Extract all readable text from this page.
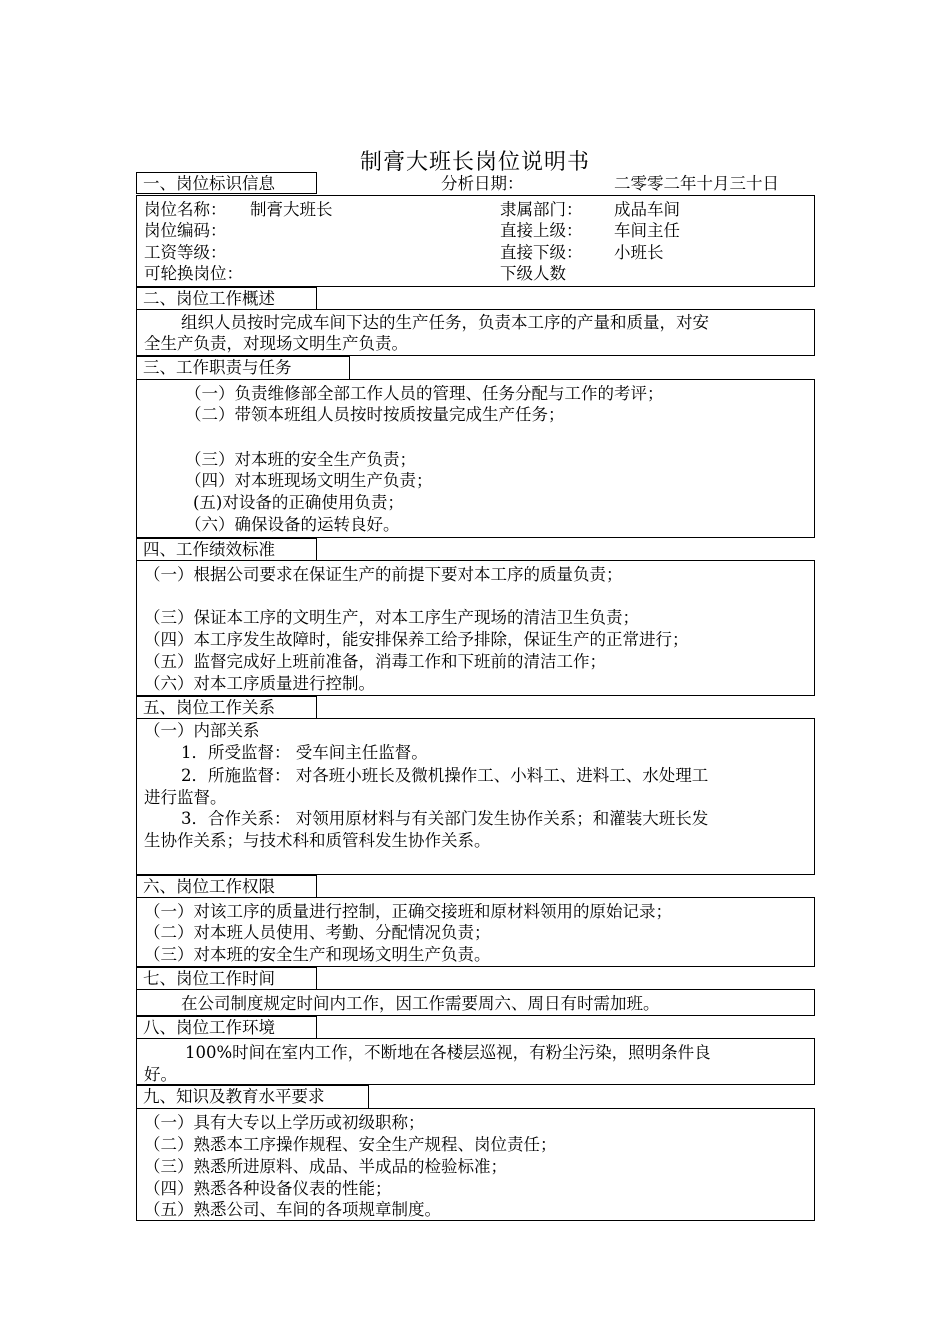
制膏大班长岗位说明书
一、岗位标识信息	分析日期：	二零零二年十月三十日
岗位名称： 制膏大班长	隶属部门： 成品车间
岗位编码：	直接上级： 车间主任
工资等级：	直接下级： 小班长
可轮换岗位：	下级人数
二、岗位工作概述
组织人员按时完成车间下达的生产任务，负责本工序的产量和质量，对安
全生产负责，对现场文明生产负责。
三、工作职责与任务
（一）负责维修部全部工作人员的管理、任务分配与工作的考评；
（二）带领本班组人员按时按质按量完成生产任务；
（三）对本班的安全生产负责；
（四）对本班现场文明生产负责；
(五)对设备的正确使用负责；
（六）确保设备的运转良好。
四、工作绩效标准
（一）根据公司要求在保证生产的前提下要对本工序的质量负责；
（三）保证本工序的文明生产，对本工序生产现场的清洁卫生负责；
（四）本工序发生故障时，能安排保养工给予排除，保证生产的正常进行；
（五）监督完成好上班前准备，消毒工作和下班前的清洁工作；
（六）对本工序质量进行控制。
五、岗位工作关系
（一）内部关系
1．所受监督： 受车间主任监督。
2．所施监督： 对各班小班长及微机操作工、小料工、进料工、水处理工
进行监督。
3．合作关系： 对领用原材料与有关部门发生协作关系；和灌装大班长发
生协作关系；与技术科和质管科发生协作关系。
六、岗位工作权限
（一）对该工序的质量进行控制，正确交接班和原材料领用的原始记录；
（二）对本班人员使用、考勤、分配情况负责；
（三）对本班的安全生产和现场文明生产负责。
七、岗位工作时间
在公司制度规定时间内工作，因工作需要周六、周日有时需加班。
八、岗位工作环境
100%时间在室内工作，不断地在各楼层巡视，有粉尘污染，照明条件良
好。
九、知识及教育水平要求
（一）具有大专以上学历或初级职称；
（二）熟悉本工序操作规程、安全生产规程、岗位责任；
（三）熟悉所进原料、成品、半成品的检验标准；
（四）熟悉各种设备仪表的性能；
（五）熟悉公司、车间的各项规章制度。
